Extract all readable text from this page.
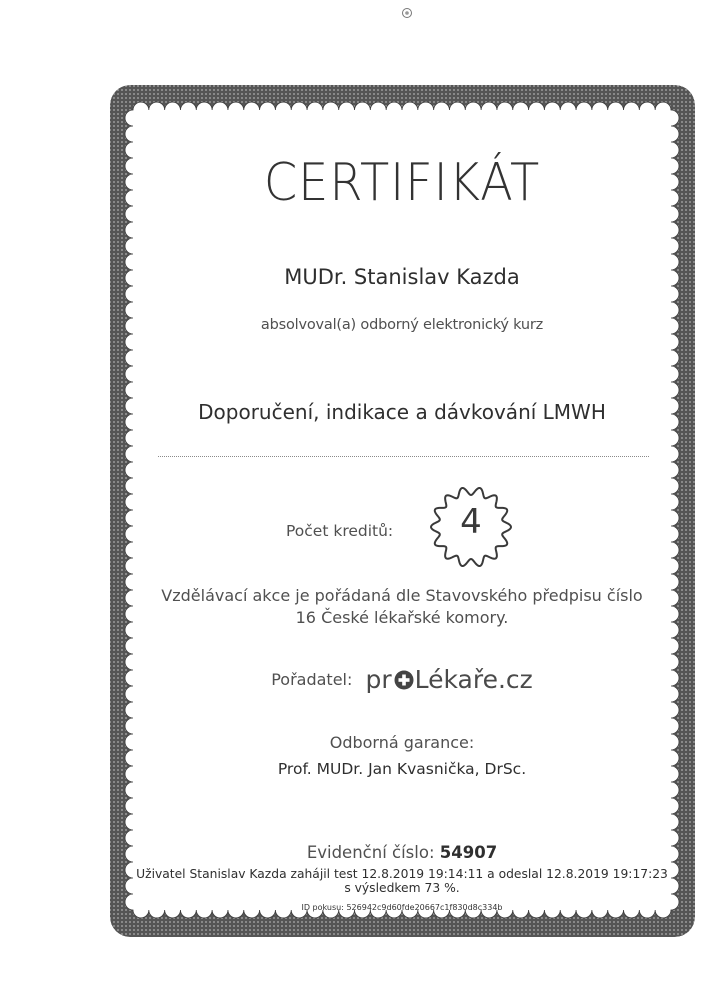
CERTIFIKÁT
MUDr. Stanislav Kazda
absolvoval(a) odborný elektronický kurz
Doporučení, indikace a dávkování LMWH
Počet kreditů:	4
Vzdělávací akce je pořádaná dle Stavovského předpisu číslo 16 České lékařské komory.
Pořadatel: pr Lékaře.cz
Odborná garance:
Prof. MUDr. Jan Kvasnička, DrSc.
Evidenční číslo: 54907
Uživatel Stanislav Kazda zahájil test 12.8.2019 19:14:11 a odeslal 12.8.2019 19:17:23 s výsledkem 73 %.
ID pokusu: 526942c9d60fde20667c1f830d8c334b
